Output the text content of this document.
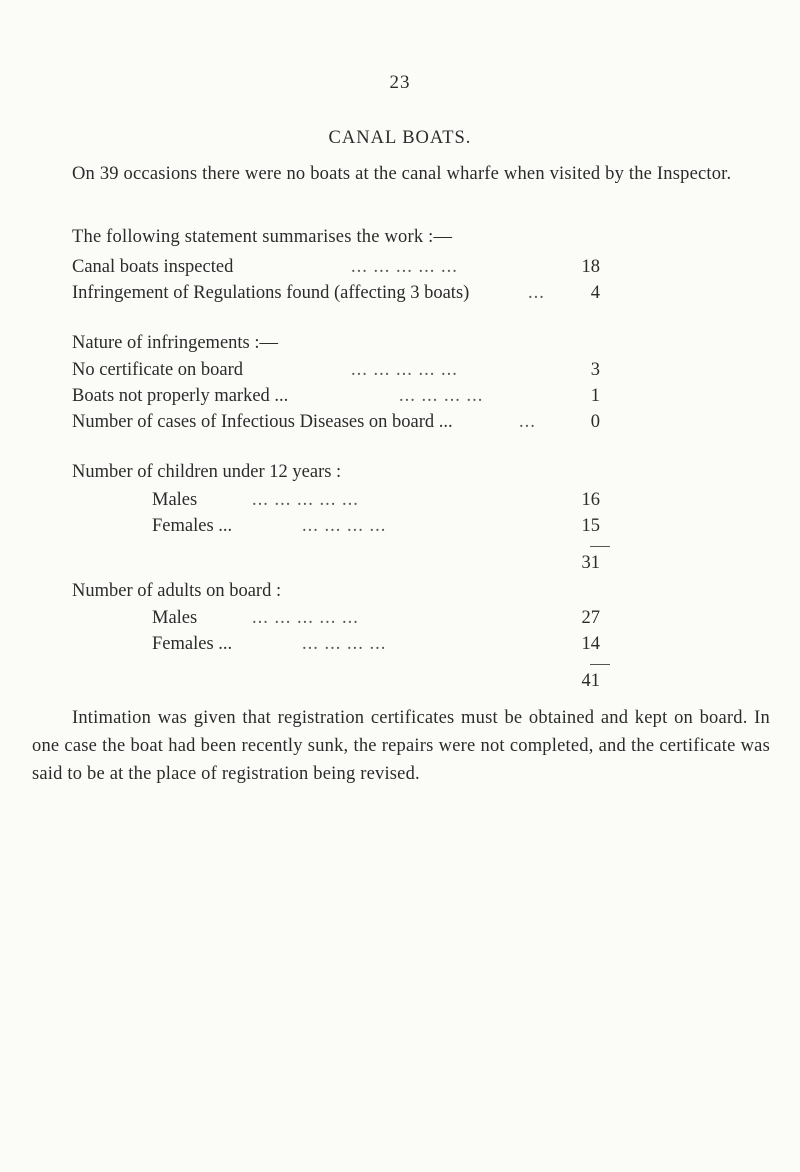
23
CANAL BOATS.
On 39 occasions there were no boats at the canal wharfe when visited by the Inspector.
The following statement summarises the work :—
Canal boats inspected	... ... ... ... ...	18
Infringement of Regulations found (affecting 3 boats)	...	4
Nature of infringements :—
No certificate on board	... ... ... ... ...	3
Boats not properly marked ...	... ... ... ...	1
Number of cases of Infectious Diseases on board ...	...	0
Number of children under 12 years :
Males	... ... ... ... ...	16
Females ...	... ... ... ...	15
31
Number of adults on board :
Males	... ... ... ... ...	27
Females ...	... ... ... ...	14
41
Intimation was given that registration certificates must be obtained and kept on board. In one case the boat had been recently sunk, the repairs were not completed, and the certificate was said to be at the place of registration being revised.
